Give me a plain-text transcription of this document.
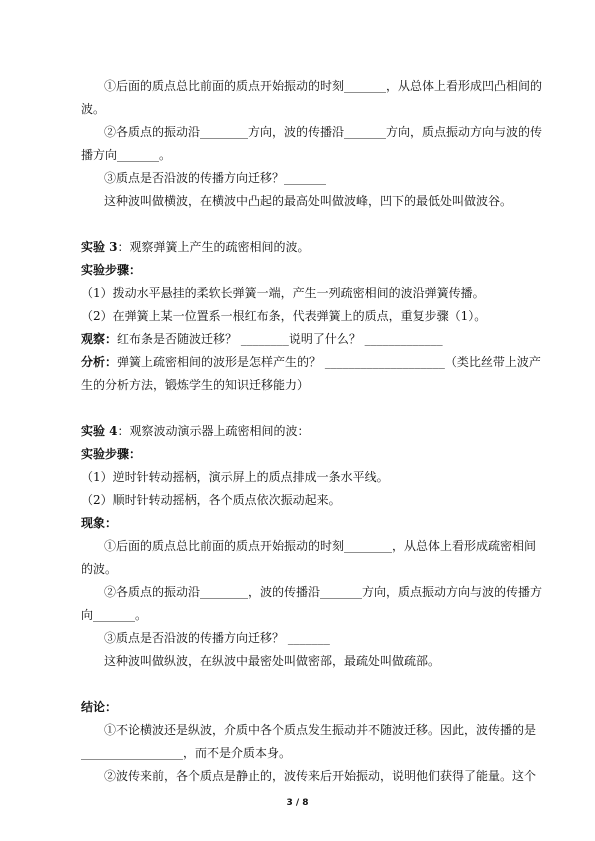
①后面的质点总比前面的质点开始振动的时刻_______，从总体上看形成凹凸相间的
波。
②各质点的振动沿________方向，波的传播沿_______方向，质点振动方向与波的传
播方向_______。
③质点是否沿波的传播方向迁移？_______
这种波叫做横波，在横波中凸起的最高处叫做波峰，凹下的最低处叫做波谷。
实验 3：观察弹簧上产生的疏密相间的波。
实验步骤：
（1）拨动水平悬挂的柔软长弹簧一端，产生一列疏密相间的波沿弹簧传播。
（2）在弹簧上某一位置系一根红布条，代表弹簧上的质点，重复步骤（1）。
观察：红布条是否随波迁移？ ________说明了什么？ _____________
分析：弹簧上疏密相间的波形是怎样产生的？ ____________________（类比丝带上波产
生的分析方法，锻炼学生的知识迁移能力）
实验 4：观察波动演示器上疏密相间的波：
实验步骤：
（1）逆时针转动摇柄，演示屏上的质点排成一条水平线。
（2）顺时针转动摇柄，各个质点依次振动起来。
现象：
①后面的质点总比前面的质点开始振动的时刻________，从总体上看形成疏密相间
的波。
②各质点的振动沿________，波的传播沿_______方向，质点振动方向与波的传播方
向_______。
③质点是否沿波的传播方向迁移？ _______
这种波叫做纵波，在纵波中最密处叫做密部，最疏处叫做疏部。
结论：
①不论横波还是纵波，介质中各个质点发生振动并不随波迁移。因此，波传播的是
_________________，而不是介质本身。
②波传来前，各个质点是静止的，波传来后开始振动，说明他们获得了能量。这个
3 / 8
